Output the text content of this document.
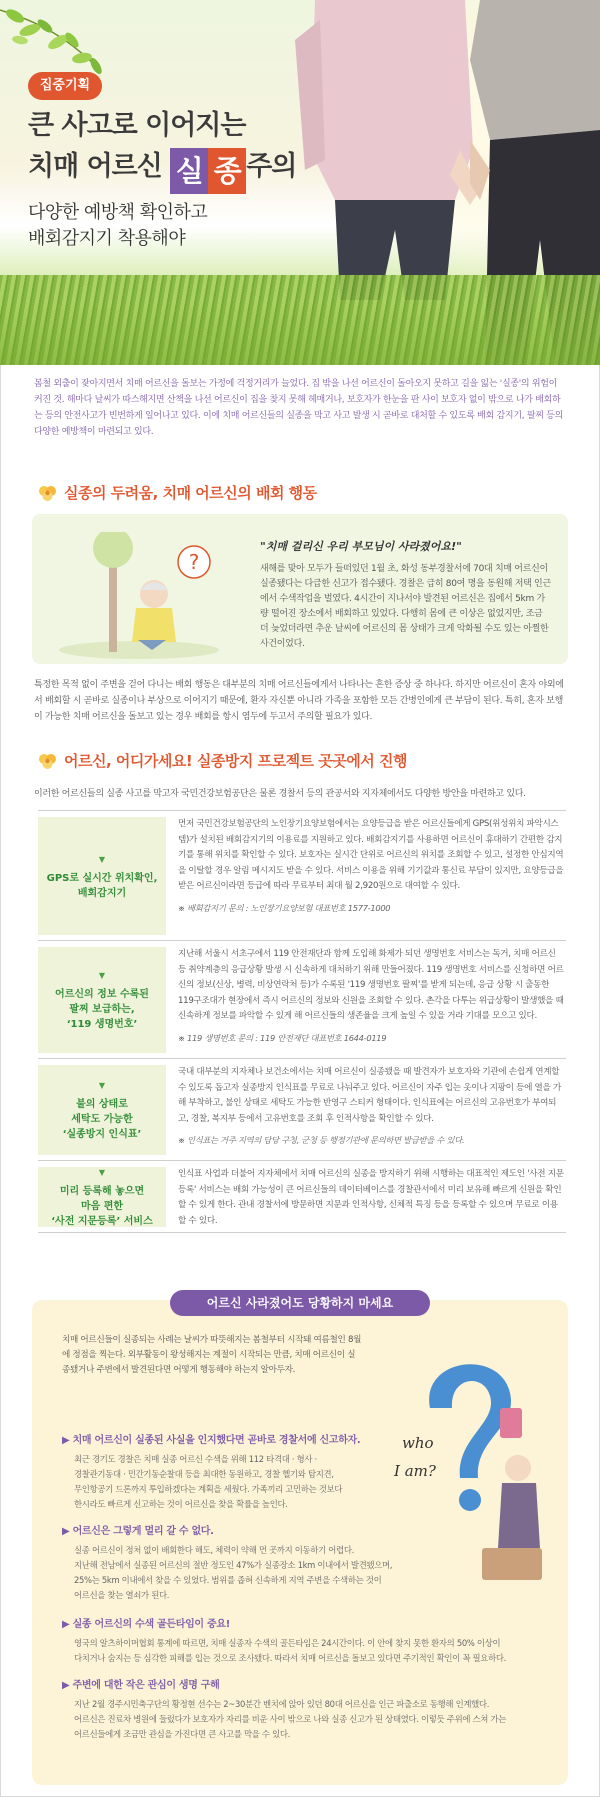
집중기획
큰 사고로 이어지는
치매 어르신 실 종 주의
다양한 예방책 확인하고
배회감지기 착용해야

봄철 외출이 잦아지면서 치매 어르신을 돌보는 가정에 걱정거리가 늘었다. 집 밖을 나선 어르신이 돌아오지 못하고 길을 잃는 '실종'의 위험이 커진 것. 해마다 날씨가 따스해지면 산책을 나선 어르신이 집을 찾지 못해 헤매거나, 보호자가 한눈을 판 사이 보호자 없이 밖으로 나가 배회하는 등의 안전사고가 빈번하게 일어나고 있다. 이에 치매 어르신들의 실종을 막고 사고 발생 시 곧바로 대처할 수 있도록 배회 감지기, 팔찌 등의 다양한 예방책이 마련되고 있다.

실종의 두려움, 치매 어르신의 배회 행동
?
"치매 걸리신 우리 부모님이 사라졌어요!"

새해를 맞아 모두가 들떠있던 1월 초, 화성 동부경찰서에 70대 치매 어르신이 실종됐다는 다급한 신고가 접수됐다. 경찰은 급히 80여 명을 동원해 저택 인근에서 수색작업을 벌였다. 4시간이 지나서야 발견된 어르신은 집에서 5km 가량 떨어진 장소에서 배회하고 있었다. 다행히 몸에 큰 이상은 없었지만, 조금 더 늦었더라면 추운 날씨에 어르신의 몸 상태가 크게 악화될 수도 있는 아찔한 사건이었다.

특정한 목적 없이 주변을 걷어 다니는 배회 행동은 대부분의 치매 어르신들에게서 나타나는 흔한 증상 중 하나다. 하지만 어르신이 혼자 야외에서 배회할 시 곧바로 실종이나 부상으로 이어지기 때문에, 환자 자신뿐 아니라 가족을 포함한 모든 간병인에게 큰 부담이 된다. 특히, 혼자 보행이 가능한 치매 어르신을 돌보고 있는 경우 배회를 항시 염두에 두고서 주의할 필요가 있다.

어르신, 어디가세요! 실종방지 프로젝트 곳곳에서 진행

이러한 어르신들의 실종 사고를 막고자 국민건강보험공단은 물론 경찰서 등의 관공서와 지자체에서도 다양한 방안을 마련하고 있다.

▼
GPS로 실시간 위치확인,
배회감지기
먼저 국민건강보험공단의 노인장기요양보험에서는 요양등급을 받은 어르신들에게 GPS(위성위치 파악시스템)가 설치된 배회감지기의 이용료를 지원하고 있다. 배회감지기를 사용하면 어르신이 휴대하기 간편한 감지기를 통해 위치를 확인할 수 있다. 보호자는 실시간 단위로 어르신의 위치를 조회할 수 있고, 설정한 안심지역을 이탈할 경우 알림 메시지도 받을 수 있다. 서비스 이용을 위해 기기값과 통신료 부담이 있지만, 요양등급을 받은 어르신이라면 등급에 따라 무료부터 최대 월 2,920원으로 대여할 수 있다.
※ 배회감지기 문의 : 노인장기요양보험 대표번호 1577-1000
▼
어르신의 정보 수록된
팔찌 보급하는,
‘119 생명번호’
지난해 서울시 서초구에서 119 안전재단과 함께 도입해 화제가 되던 생명번호 서비스는 독거, 치매 어르신 등 취약계층의 응급상황 발생 시 신속하게 대처하기 위해 만들어졌다. 119 생명번호 서비스를 신청하면 어르신의 정보(신상, 병력, 비상연락처 등)가 수록된 '119 생명번호 팔찌'를 받게 되는데, 응급 상황 시 출동한 119구조대가 현장에서 즉시 어르신의 정보와 신원을 조회할 수 있다. 촌각을 다투는 위급상황이 발생했을 때 신속하게 정보를 파악할 수 있게 해 어르신들의 생존율을 크게 높일 수 있을 거라 기대를 모으고 있다.
※ 119 생명번호 문의 : 119 안전재단 대표번호 1644-0119
▼
불의 상태로
세탁도 가능한
‘실종방지 인식표’
국내 대부분의 지자체나 보건소에서는 치매 어르신이 실종됐을 때 발견자가 보호자와 기관에 손쉽게 연계할 수 있도록 돕고자 실종방지 인식표를 무료로 나눠주고 있다. 어르신이 자주 입는 옷이나 지팡이 등에 열을 가해 부착하고, 불인 상태로 세탁도 가능한 반영구 스티커 형태이다. 인식표에는 어르신의 고유번호가 부여되고, 경찰, 복지부 등에서 고유번호를 조회 후 인적사항을 확인할 수 있다.
※ 인식표는 거주 지역의 담당 구청, 군청 등 행정기관에 문의하면 발급받을 수 있다.
▼
미리 등록해 놓으면
마음 편한
‘사전 지문등록’ 서비스
인식표 사업과 더불어 지자체에서 치매 어르신의 실종을 방지하기 위해 시행하는 대표적인 제도인 '사전 지문등록' 서비스는 배회 가능성이 큰 어르신들의 데이터베이스를 경찰관서에서 미리 보유해 빠르게 신원을 확인할 수 있게 한다. 관내 경찰서에 방문하면 지문과 인적사항, 신체적 특징 등을 등록할 수 있으며 무료로 이용할 수 있다.
어르신 사라졌어도 당황하지 마세요

치매 어르신들이 실종되는 사례는 날씨가 따뜻해지는 봄철부터 시작돼 여름철인 8월에 정점을 찍는다. 외부활동이 왕성해지는 계절이 시작되는 만큼, 치매 어르신이 실종됐거나 주변에서 발견된다면 어떻게 행동해야 하는지 알아두자.

who
I am?
▶ 치매 어르신이 실종된 사실을 인지했다면 곧바로 경찰서에 신고하자.
최근 경기도 경찰은 치매 실종 어르신 수색을 위해 112 타격대 · 형사 ·
경찰관기동대 · 민간기동순찰대 등을 최대한 동원하고, 경찰 헬기와 탐지견,
무인항공기 드론까지 투입하겠다는 계획을 세웠다. 가족끼리 고민하는 것보다
한시라도 빠르게 신고하는 것이 어르신을 찾을 확률을 높인다.
▶ 어르신은 그렇게 멀리 갈 수 없다.
실종 어르신이 정처 없이 배회한다 해도, 체력이 약해 먼 곳까지 이동하기 어렵다.
지난해 전남에서 실종된 어르신의 절반 정도인 47%가 실종장소 1km 이내에서 발견됐으며,
25%는 5km 이내에서 찾을 수 있었다. 범위를 좁혀 신속하게 지역 주변을 수색하는 것이
어르신을 찾는 열쇠가 된다.
▶ 실종 어르신의 수색 골든타임이 중요!
영국의 알츠하이머협회 통계에 따르면, 치매 실종자 수색의 골든타임은 24시간이다. 이 안에 찾지 못한 환자의 50% 이상이
다치거나 숨지는 등 심각한 피해를 입는 것으로 조사됐다. 따라서 치매 어르신을 돌보고 있다면 주기적인 확인이 꼭 필요하다.
▶ 주변에 대한 작은 관심이 생명 구해
지난 2월 경주시민축구단의 황정현 선수는 2~30분간 벤치에 앉아 있던 80대 어르신을 인근 파출소로 동행해 인계했다.
어르신은 진료차 병원에 들렀다가 보호자가 자리를 비운 사이 밖으로 나와 실종 신고가 된 상태였다. 이렇듯 주위에 스쳐 가는
어르신들에게 조금만 관심을 가진다면 큰 사고를 막을 수 있다.
